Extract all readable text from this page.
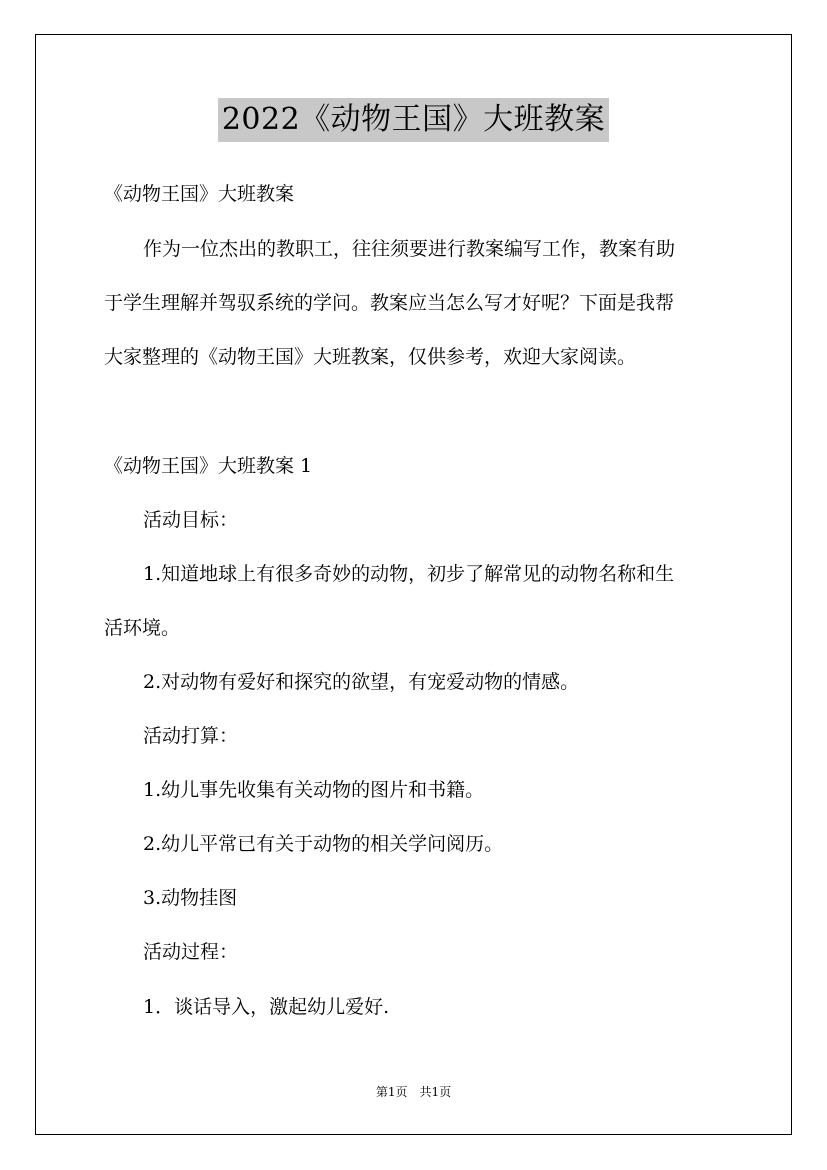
2022《动物王国》大班教案
《动物王国》大班教案
作为一位杰出的教职工，往往须要进行教案编写工作，教案有助
于学生理解并驾驭系统的学问。教案应当怎么写才好呢？下面是我帮
大家整理的《动物王国》大班教案，仅供参考，欢迎大家阅读。
《动物王国》大班教案 1
活动目标：
1.知道地球上有很多奇妙的动物，初步了解常见的动物名称和生
活环境。
2.对动物有爱好和探究的欲望，有宠爱动物的情感。
活动打算：
1.幼儿事先收集有关动物的图片和书籍。
2.幼儿平常已有关于动物的相关学问阅历。
3.动物挂图
活动过程：
1．谈话导入，激起幼儿爱好.
第1页　共1页
